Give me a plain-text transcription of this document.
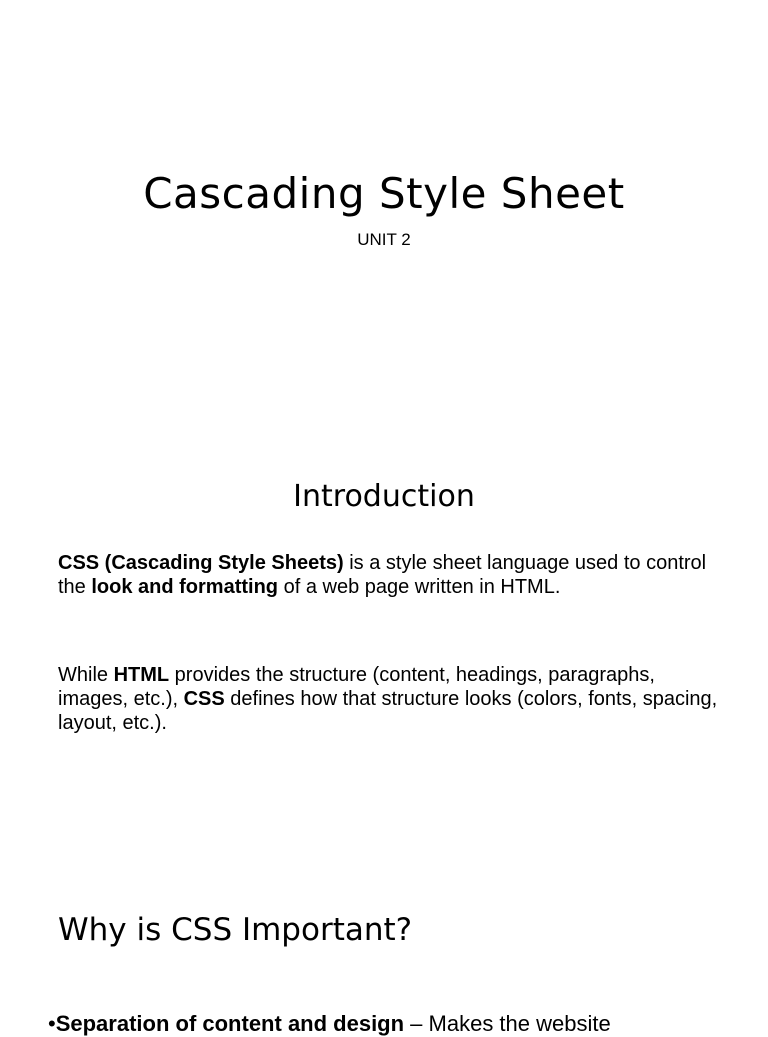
Cascading Style Sheet
UNIT 2
Introduction

CSS (Cascading Style Sheets) is a style sheet language used to control the look and formatting of a web page written in HTML.

While HTML provides the structure (content, headings, paragraphs, images, etc.), CSS defines how that structure looks (colors, fonts, spacing, layout, etc.).

Why is CSS Important?
•Separation of content and design – Makes the website
